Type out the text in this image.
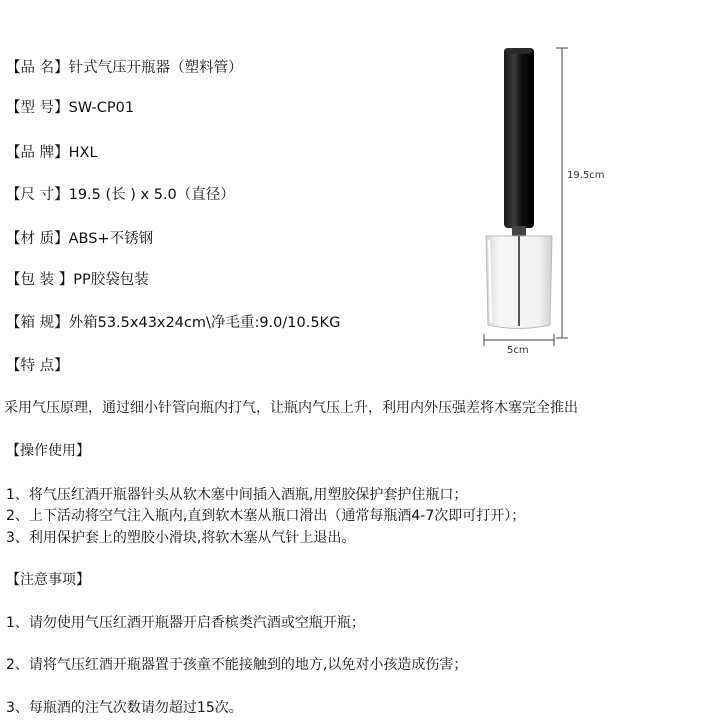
【品 名】针式气压开瓶器（塑料管）
【型 号】SW-CP01
【品 牌】HXL
【尺 寸】19.5 (长 ) x 5.0（直径）
【材 质】ABS+不锈钢
【包 装 】PP胶袋包装
【箱 规】外箱53.5x43x24cm\净毛重:9.0/10.5KG
【特 点】
采用气压原理，通过细小针管向瓶内打气，让瓶内气压上升，利用内外压强差将木塞完全推出
【操作使用】
1、将气压红酒开瓶器针头从软木塞中间插入酒瓶,用塑胶保护套护住瓶口；
2、上下活动将空气注入瓶内,直到软木塞从瓶口滑出（通常每瓶酒4-7次即可打开）；
3、利用保护套上的塑胶小滑块,将软木塞从气针上退出。
【注意事项】
1、请勿使用气压红酒开瓶器开启香槟类汽酒或空瓶开瓶；
2、请将气压红酒开瓶器置于孩童不能接触到的地方,以免对小孩造成伤害；
3、每瓶酒的注气次数请勿超过15次。
19.5cm
5cm
